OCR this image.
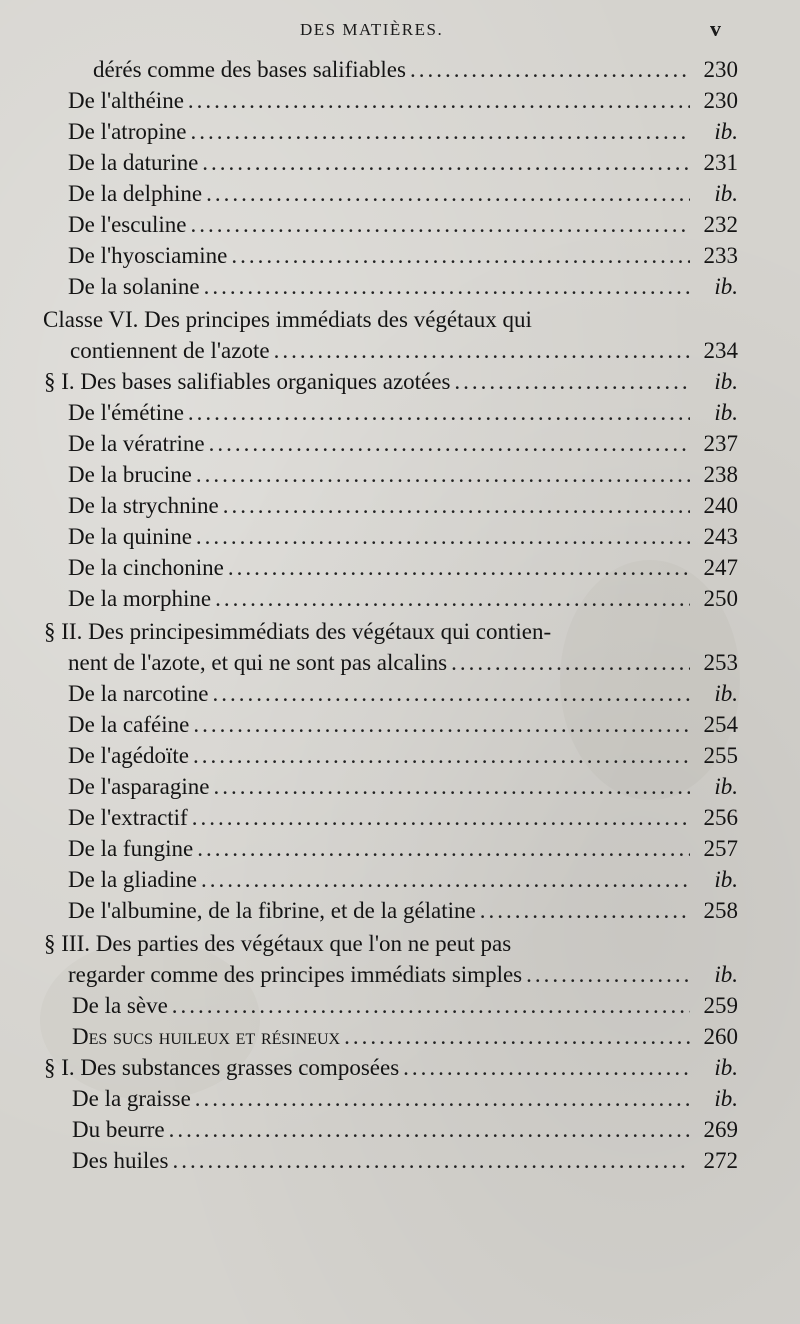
DES MATIÈRES.	v
dérés comme des bases salifiables .....	230
De l'althéine .....	230
De l'atropine .....	ib.
De la daturine .....	231
De la delphine .....	ib.
De l'esculine .....	232
De l'hyosciamine .....	233
De la solanine .....	ib.
Classe VI. Des principes immédiats des végétaux qui
contiennent de l'azote .....	234
§ I. Des bases salifiables organiques azotées .....	ib.
De l'émétine .....	ib.
De la vératrine .....	237
De la brucine .....	238
De la strychnine .....	240
De la quinine .....	243
De la cinchonine .....	247
De la morphine .....	250
§ II. Des principesimmédiats des végétaux qui contien-
nent de l'azote, et qui ne sont pas alcalins .....	253
De la narcotine .....	ib.
De la caféine .....	254
De l'agédoïte .....	255
De l'asparagine .....	ib.
De l'extractif .....	256
De la fungine .....	257
De la gliadine .....	ib.
De l'albumine, de la fibrine, et de la gélatine .....	258
§ III. Des parties des végétaux que l'on ne peut pas
regarder comme des principes immédiats simples .....	ib.
De la sève .....	259
Des sucs huileux et résineux .....	260
§ I. Des substances grasses composées .....	ib.
De la graisse .....	ib.
Du beurre .....	269
Des huiles .....	272
